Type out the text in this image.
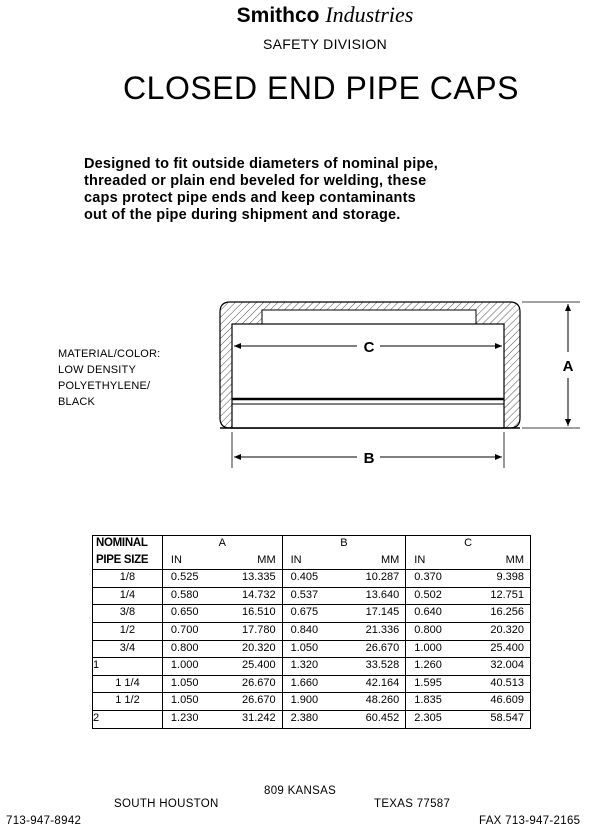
Smithco Industries
SAFETY DIVISION
CLOSED END PIPE CAPS
Designed to fit outside diameters of nominal pipe,
threaded or plain end beveled for welding, these
caps protect pipe ends and keep contaminants
out of the pipe during shipment and storage.
MATERIAL/COLOR:
LOW DENSITY
POLYETHYLENE/
BLACK
C
A
B
NOMINAL	A	B	C
PIPE SIZE	IN MM	IN MM	IN MM

1/8	0.525 13.335	0.405 10.287	0.370 9.398

1/4	0.580 14.732	0.537 13.640	0.502 12.751

3/8	0.650 16.510	0.675 17.145	0.640 16.256

1/2	0.700 17.780	0.840 21.336	0.800 20.320

3/4	0.800 20.320	1.050 26.670	1.000 25.400

1	1.000 25.400	1.320 33.528	1.260 32.004

1 1/4	1.050 26.670	1.660 42.164	1.595 40.513

1 1/2	1.050 26.670	1.900 48.260	1.835 46.609

2	1.230 31.242	2.380 60.452	2.305 58.547
809 KANSAS
SOUTH HOUSTON	TEXAS 77587
713-947-8942	FAX 713-947-2165
